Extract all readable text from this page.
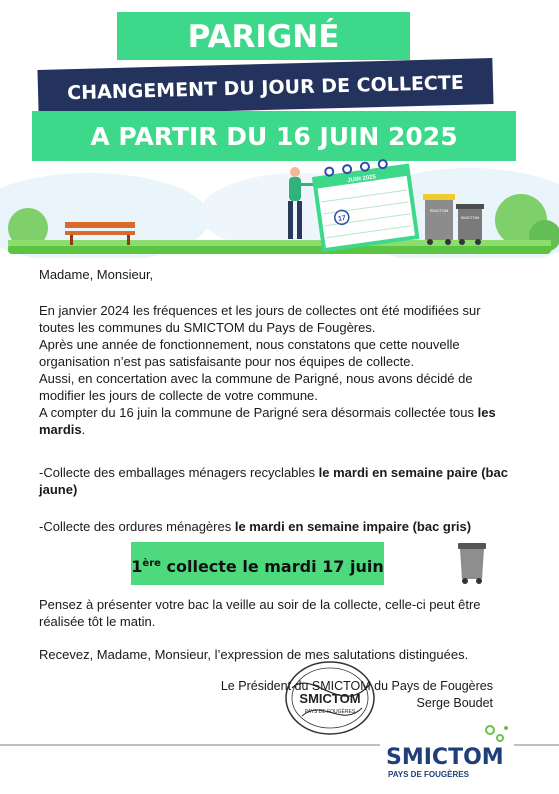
PARIGNÉ
CHANGEMENT DU JOUR DE COLLECTE
A PARTIR DU 16 JUIN 2025
JUIN 2025
17
SMICTOM
SMICTOM
Madame, Monsieur,

En janvier 2024 les fréquences et les jours de collectes ont été modifiées sur toutes les communes du SMICTOM du Pays de Fougères.

Après une année de fonctionnement, nous constatons que cette nouvelle organisation n’est pas satisfaisante pour nos équipes de collecte.

Aussi, en concertation avec la commune de Parigné, nous avons décidé de modifier les jours de collecte de votre commune.

A compter du 16 juin la commune de Parigné sera désormais collectée tous les mardis.

-Collecte des emballages ménagers recyclables le mardi en semaine paire (bac jaune)
-Collecte des ordures ménagères le mardi en semaine impaire (bac gris)
1ère collecte le mardi 17 juin
Pensez à présenter votre bac la veille au soir de la collecte, celle-ci peut être réalisée tôt le matin.
Recevez, Madame, Monsieur, l’expression de mes salutations distinguées.
SMICTOM
PAYS DE FOUGÈRES
Le Président du SMICTOM du Pays de Fougères
Serge Boudet
SMICTOM
PAYS DE FOUGÈRES
